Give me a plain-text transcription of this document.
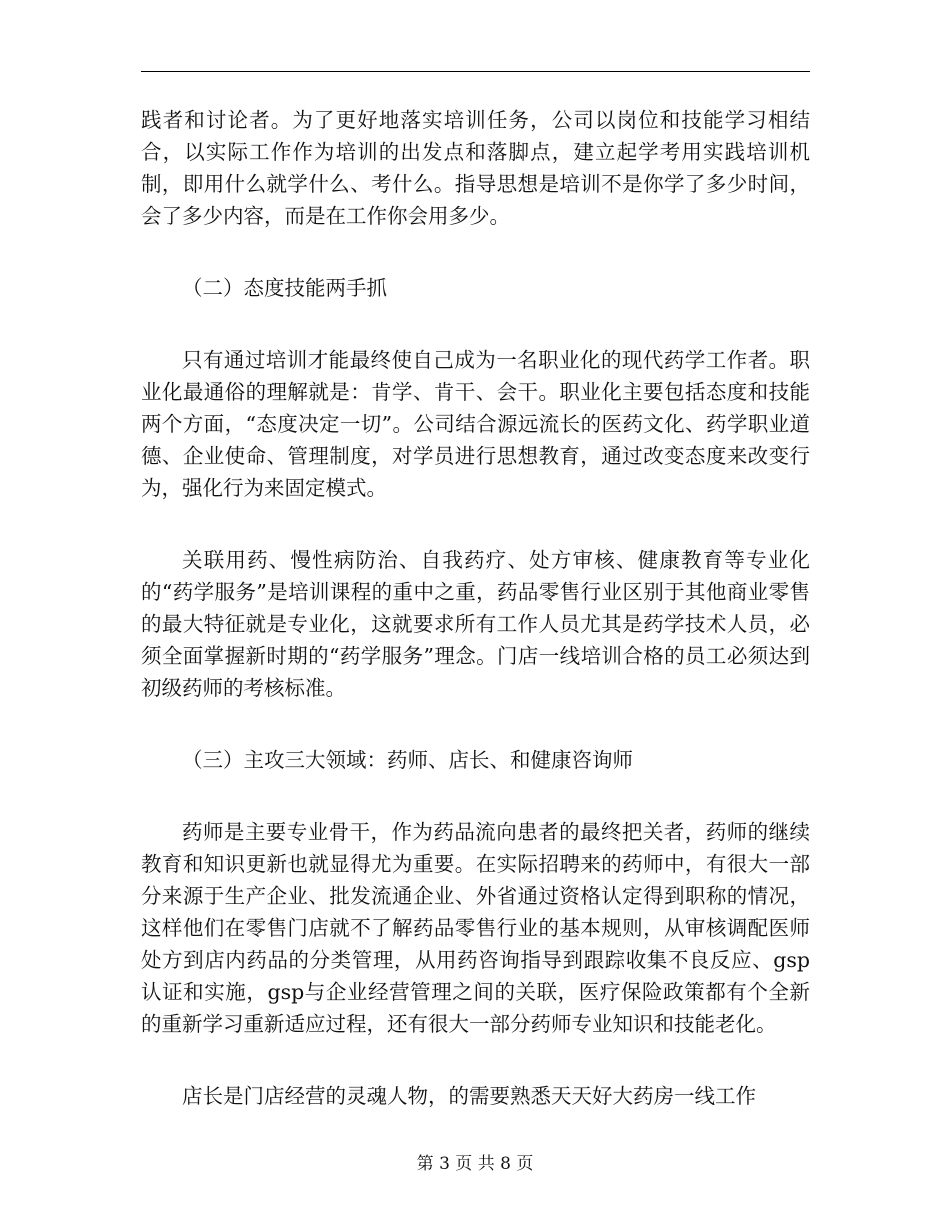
践者和讨论者。为了更好地落实培训任务，公司以岗位和技能学习相结合，以实际工作作为培训的出发点和落脚点，建立起学考用实践培训机制，即用什么就学什么、考什么。指导思想是培训不是你学了多少时间，会了多少内容，而是在工作你会用多少。

（二）态度技能两手抓

只有通过培训才能最终使自己成为一名职业化的现代药学工作者。职业化最通俗的理解就是：肯学、肯干、会干。职业化主要包括态度和技能两个方面，“态度决定一切”。公司结合源远流长的医药文化、药学职业道德、企业使命、管理制度，对学员进行思想教育，通过改变态度来改变行为，强化行为来固定模式。

关联用药、慢性病防治、自我药疗、处方审核、健康教育等专业化的“药学服务”是培训课程的重中之重，药品零售行业区别于其他商业零售的最大特征就是专业化，这就要求所有工作人员尤其是药学技术人员，必须全面掌握新时期的“药学服务”理念。门店一线培训合格的员工必须达到初级药师的考核标准。

（三）主攻三大领域：药师、店长、和健康咨询师

药师是主要专业骨干，作为药品流向患者的最终把关者，药师的继续教育和知识更新也就显得尤为重要。在实际招聘来的药师中，有很大一部分来源于生产企业、批发流通企业、外省通过资格认定得到职称的情况，这样他们在零售门店就不了解药品零售行业的基本规则，从审核调配医师处方到店内药品的分类管理，从用药咨询指导到跟踪收集不良反应、gsp认证和实施，gsp与企业经营管理之间的关联，医疗保险政策都有个全新的重新学习重新适应过程，还有很大一部分药师专业知识和技能老化。

店长是门店经营的灵魂人物，的需要熟悉天天好大药房一线工作

第 3 页 共 8 页
